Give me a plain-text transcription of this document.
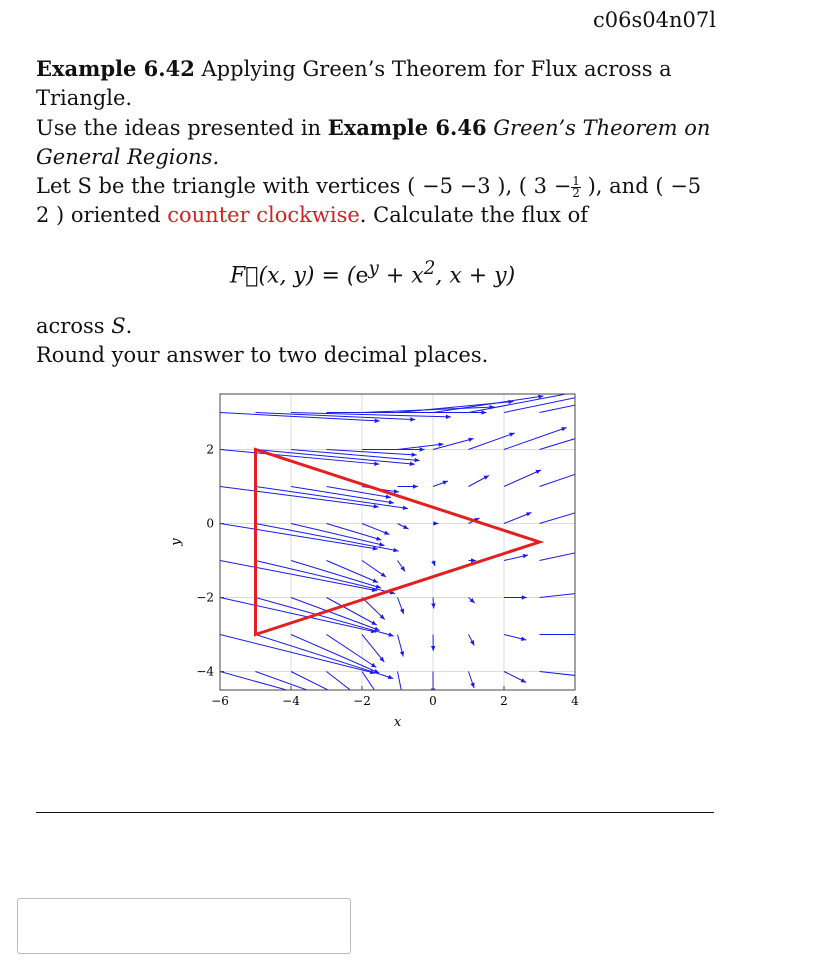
c06s04n07l

Example 6.42 Applying Green’s Theorem for Flux across a Triangle.

Use the ideas presented in Example 6.46 Green’s Theorem on General Regions.

Let S be the triangle with vertices ( −5 −3 ), ( $3 - \frac{1}{2}$ ), and ( −5 2 ) oriented counter clockwise. Calculate the flux of

F⃗(x, $y) = (e^y + x^2$, x + y)
across S.
Round your answer to two decimal places.
−6	−4	−2	0	2	4
−4
−2
0
2
x
y
